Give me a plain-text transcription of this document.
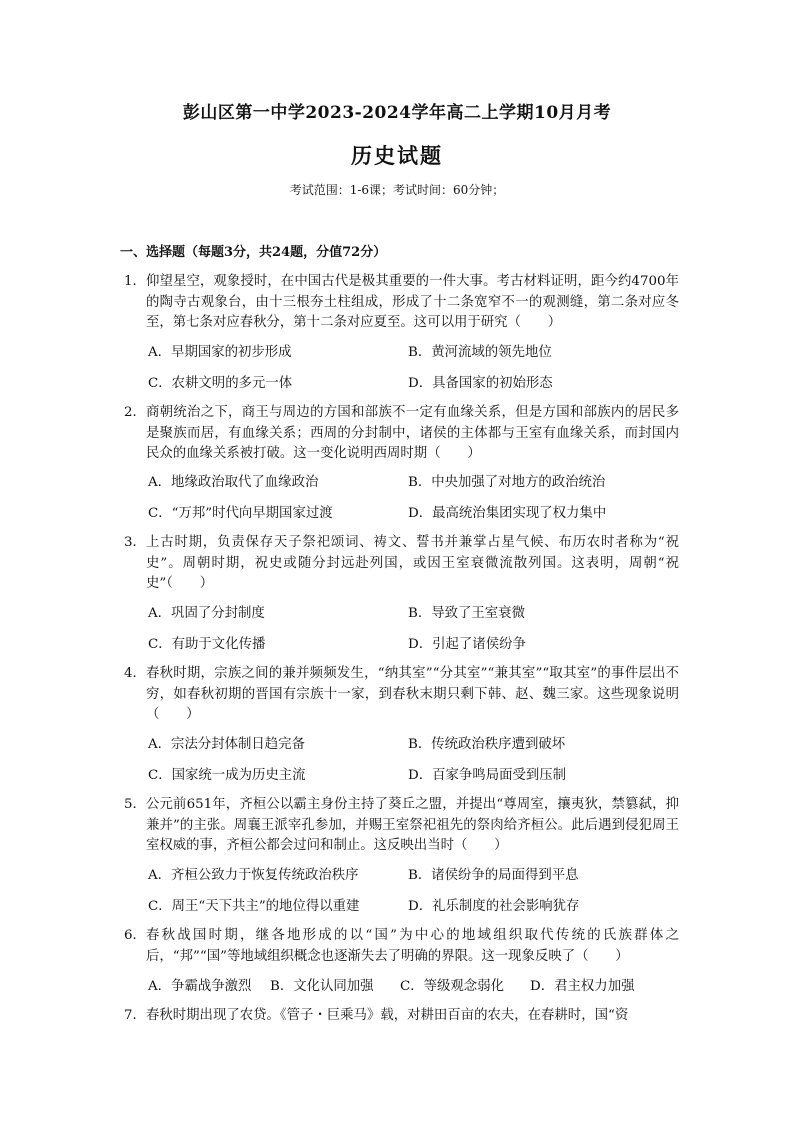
彭山区第一中学2023-2024学年高二上学期10月月考
历史试题
考试范围：1-6课；考试时间：60分钟；
一、选择题（每题3分，共24题，分值72分）
1． 仰望星空，观象授时，在中国古代是极其重要的一件大事。考古材料证明，距今约4700年的陶寺古观象台，由十三根夯土柱组成，形成了十二条宽窄不一的观测缝，第二条对应冬至，第七条对应春秋分，第十二条对应夏至。这可以用于研究（　　）
A．早期国家的初步形成	B．黄河流域的领先地位
C．农耕文明的多元一体	D．具备国家的初始形态
2． 商朝统治之下，商王与周边的方国和部族不一定有血缘关系，但是方国和部族内的居民多是聚族而居，有血缘关系；西周的分封制中，诸侯的主体都与王室有血缘关系，而封国内民众的血缘关系被打破。这一变化说明西周时期（　　）
A．地缘政治取代了血缘政治	B．中央加强了对地方的政治统治
C．“万邦”时代向早期国家过渡	D．最高统治集团实现了权力集中
3． 上古时期，负责保存天子祭祀颂词、祷文、誓书并兼掌占星气候、布历农时者称为“祝史”。周朝时期，祝史或随分封远赴列国，或因王室衰微流散列国。这表明，周朝“祝史”（　　）
A．巩固了分封制度	B．导致了王室衰微
C．有助于文化传播	D．引起了诸侯纷争
4． 春秋时期，宗族之间的兼并频频发生，“纳其室”“分其室”“兼其室”“取其室”的事件层出不穷，如春秋初期的晋国有宗族十一家，到春秋末期只剩下韩、赵、魏三家。这些现象说明（　　）
A．宗法分封体制日趋完备	B．传统政治秩序遭到破坏
C．国家统一成为历史主流	D．百家争鸣局面受到压制
5． 公元前651年，齐桓公以霸主身份主持了葵丘之盟，并提出“尊周室，攘夷狄，禁篡弑，抑兼并”的主张。周襄王派宰孔参加，并赐王室祭祀祖先的祭肉给齐桓公。此后遇到侵犯周王室权威的事，齐桓公都会过问和制止。这反映出当时（　　）
A．齐桓公致力于恢复传统政治秩序	B．诸侯纷争的局面得到平息
C．周王“天下共主”的地位得以重建	D．礼乐制度的社会影响犹存
6． 春秋战国时期，继各地形成的以“国”为中心的地域组织取代传统的氏族群体之后，“邦”“国”等地域组织概念也逐渐失去了明确的界限。这一现象反映了（　　）
A．争霸战争激烈 B．文化认同加强 C．等级观念弱化 D．君主权力加强
7． 春秋时期出现了农贷。《管子・巨乘马》载，对耕田百亩的农夫，在春耕时，国“资
